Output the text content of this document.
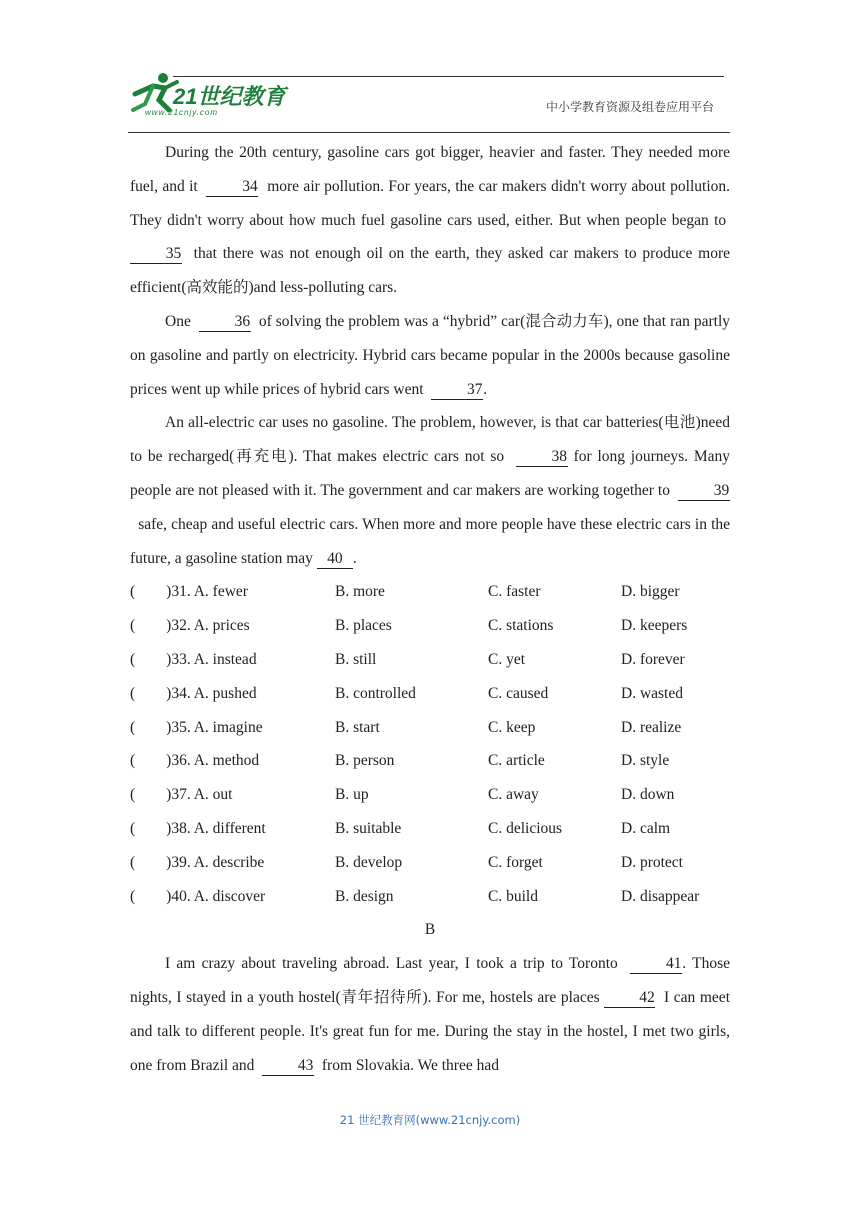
21世纪教育
www.21cnjy.com	中小学教育资源及组卷应用平台

During the 20th century, gasoline cars got bigger, heavier and faster. They needed more fuel, and it	34 more air pollution. For years, the car makers didn't worry about pollution. They didn't worry about how much fuel gasoline cars used, either. But when people began to  35 that there was not enough oil on the earth, they asked car makers to produce more efficient(高效能的)and less-polluting cars.

One	36 of solving the problem was a “hybrid” car(混合动力车), one that ran partly on gasoline and partly on electricity. Hybrid cars became popular in the 2000s because gasoline prices went up while prices of hybrid cars went	37.

An all-electric car uses no gasoline. The problem, however, is that car batteries(电池)need to be recharged(再充电). That makes electric cars not so	38 for long journeys. Many people are not pleased with it. The government and car makers are working together to	39  safe, cheap and useful electric cars. When more and more people have these electric cars in the future, a gasoline station may 40 .

(　　)31. A. fewer	B. more	C. faster	D. bigger
(　　)32. A. prices	B. places	C. stations	D. keepers
(　　)33. A. instead	B. still	C. yet	D. forever
(　　)34. A. pushed	B. controlled	C. caused	D. wasted
(　　)35. A. imagine	B. start	C. keep	D. realize
(　　)36. A. method	B. person	C. article	D. style
(　　)37. A. out	B. up	C. away	D. down
(　　)38. A. different	B. suitable	C. delicious	D. calm
(　　)39. A. describe	B. develop	C. forget	D. protect
(　　)40. A. discover	B. design	C. build	D. disappear
B

I am crazy about traveling abroad. Last year, I took a trip to Toronto	41. Those nights, I stayed in a youth hostel(青年招待所). For me, hostels are places	42 I can meet and talk to different people. It's great fun for me. During the stay in the hostel, I met two girls, one from Brazil and	43 from Slovakia. We three had

21 世纪教育网(www.21cnjy.com)
